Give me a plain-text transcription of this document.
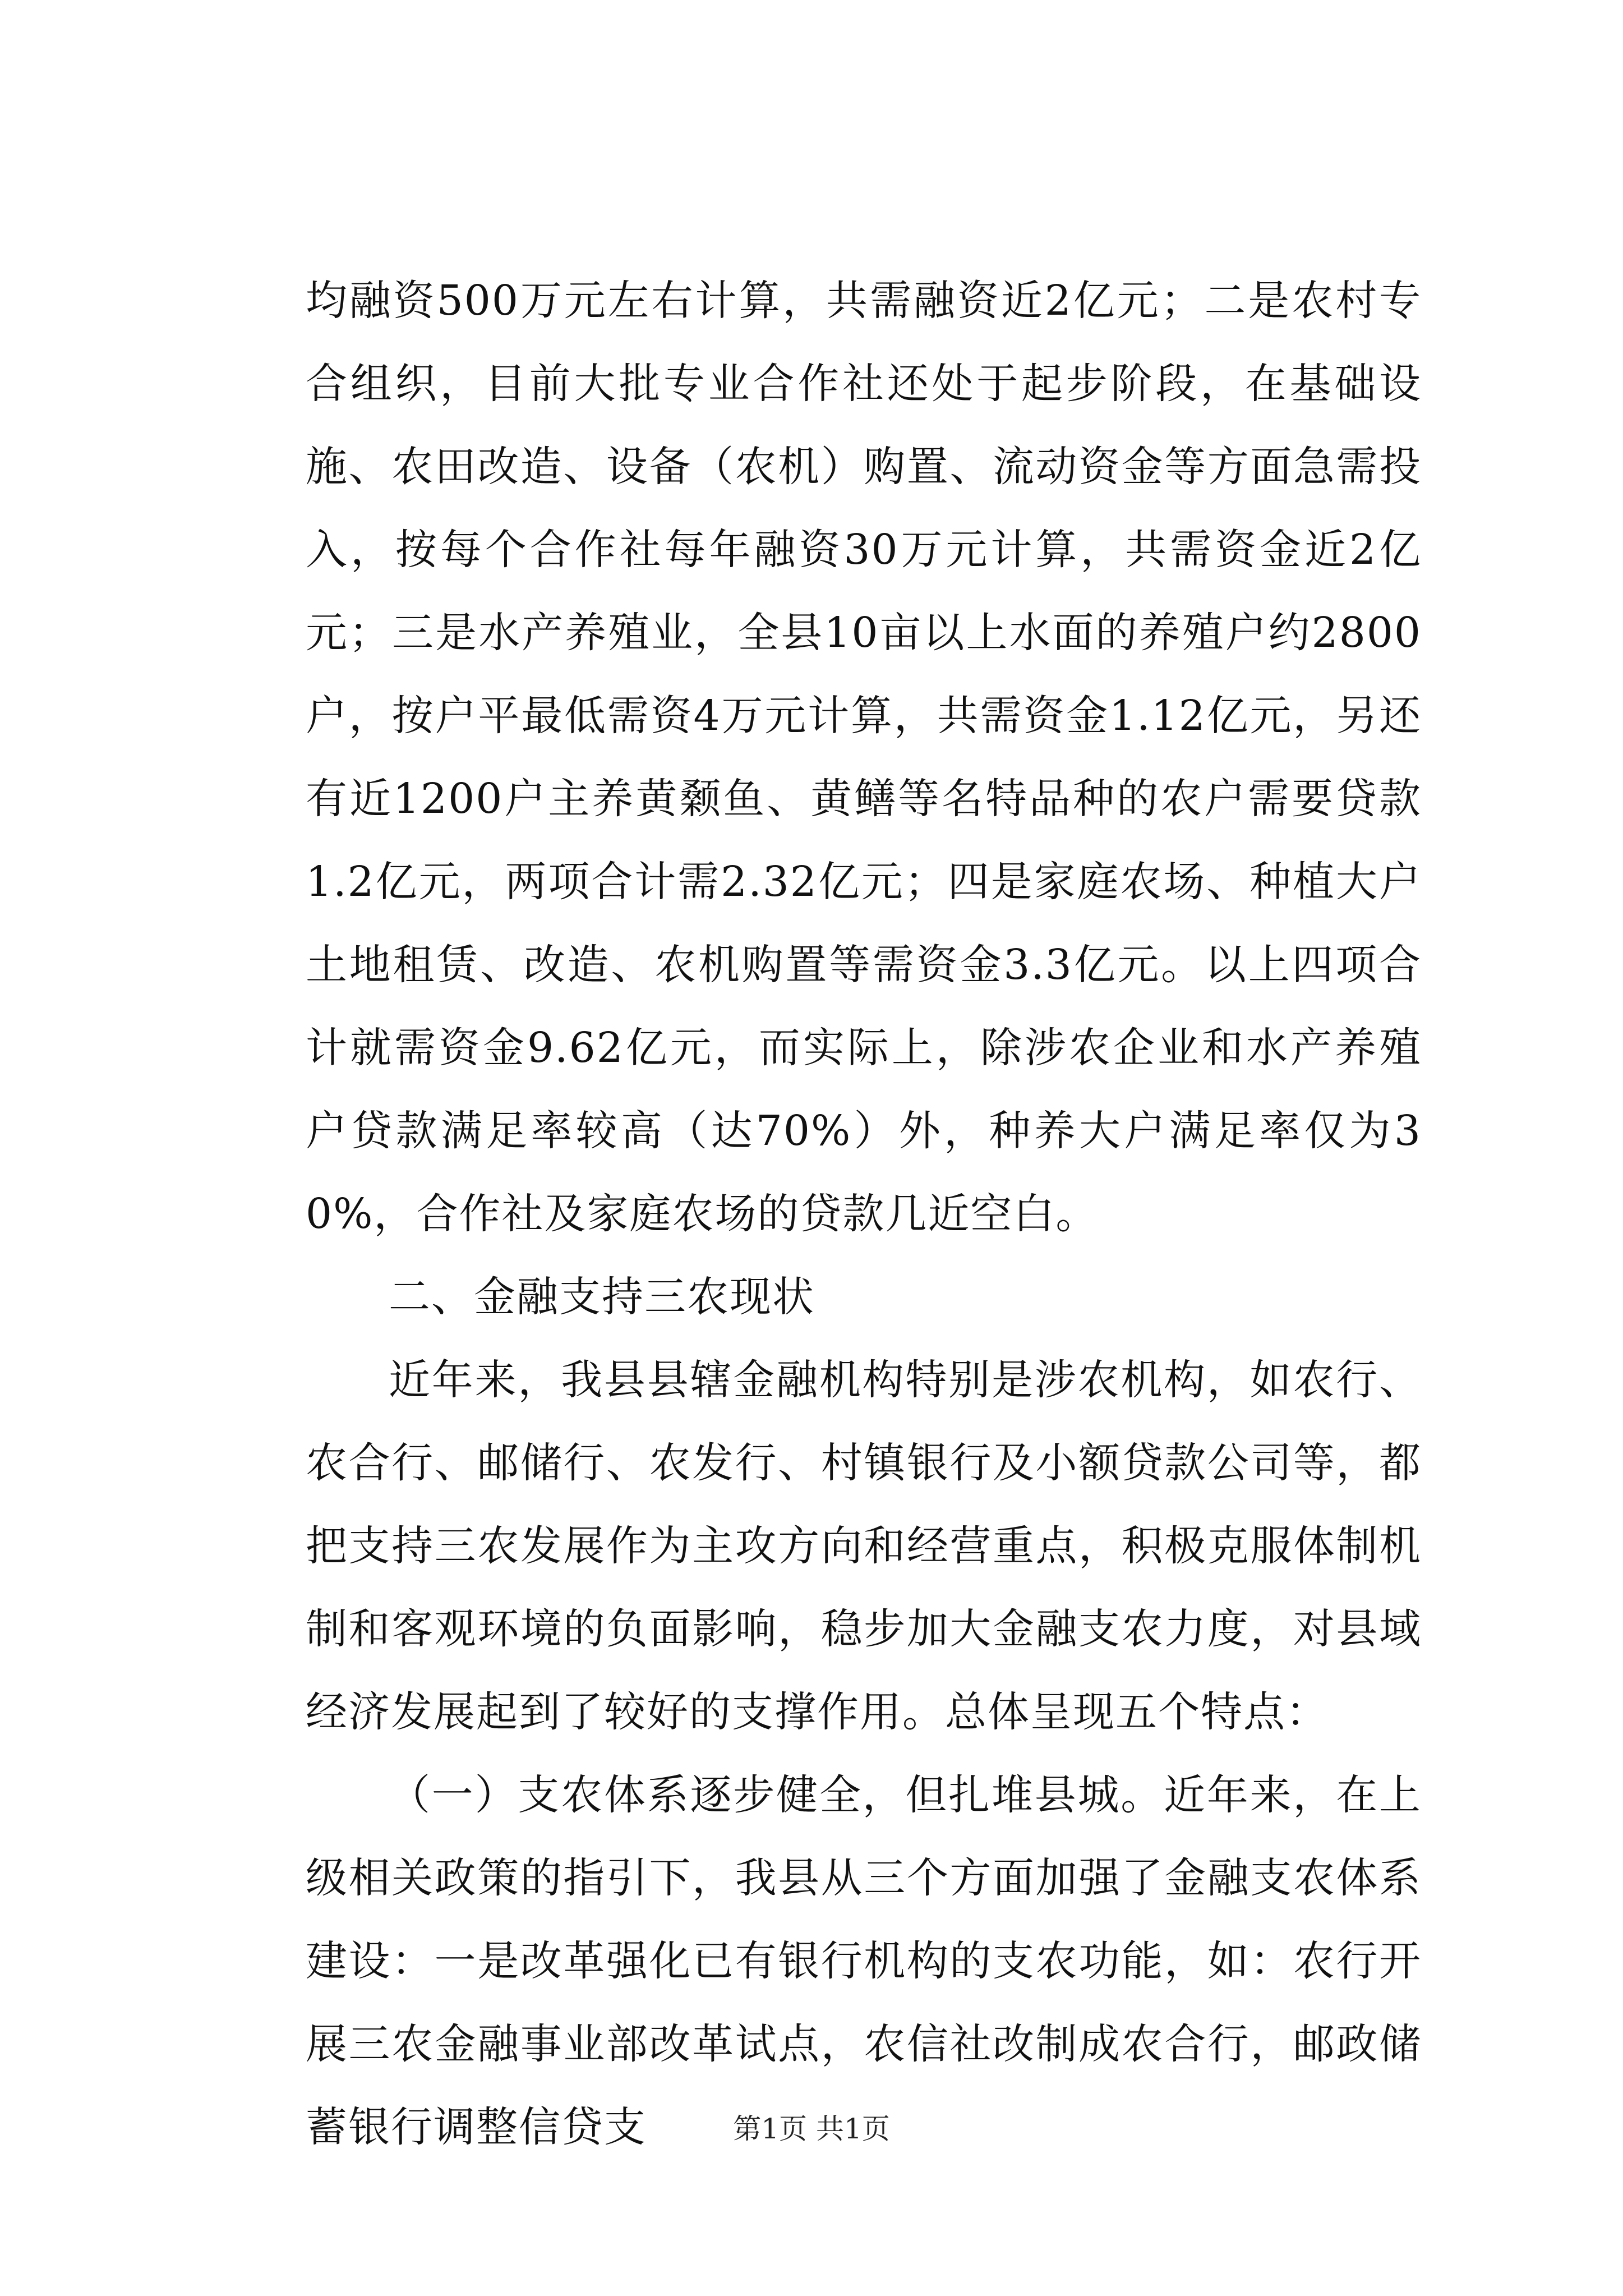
均融资500万元左右计算，共需融资近2亿元；二是农村专合组织，目前大批专业合作社还处于起步阶段，在基础设施、农田改造、设备（农机）购置、流动资金等方面急需投入，按每个合作社每年融资30万元计算，共需资金近2亿元；三是水产养殖业，全县10亩以上水面的养殖户约2800户，按户平最低需资4万元计算，共需资金1.12亿元，另还有近1200户主养黄颡鱼、黄鳝等名特品种的农户需要贷款1.2亿元，两项合计需2.32亿元；四是家庭农场、种植大户土地租赁、改造、农机购置等需资金3.3亿元。以上四项合计就需资金9.62亿元，而实际上，除涉农企业和水产养殖户贷款满足率较高（达70%）外，种养大户满足率仅为30%，合作社及家庭农场的贷款几近空白。

二、金融支持三农现状

近年来，我县县辖金融机构特别是涉农机构，如农行、农合行、邮储行、农发行、村镇银行及小额贷款公司等，都把支持三农发展作为主攻方向和经营重点，积极克服体制机制和客观环境的负面影响，稳步加大金融支农力度，对县域经济发展起到了较好的支撑作用。总体呈现五个特点：

（一）支农体系逐步健全，但扎堆县城。近年来，在上级相关政策的指引下，我县从三个方面加强了金融支农体系建设：一是改革强化已有银行机构的支农功能，如：农行开展三农金融事业部改革试点，农信社改制成农合行，邮政储蓄银行调整信贷支	第1页 共1页
